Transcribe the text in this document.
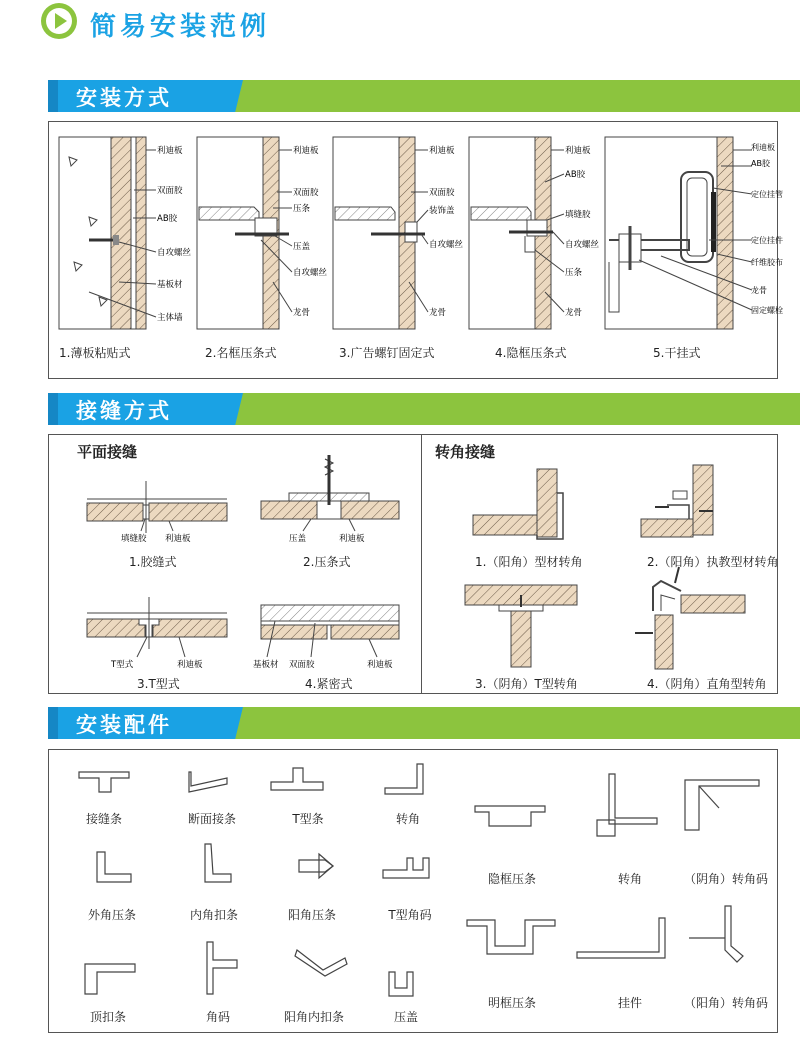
简易安装范例
安装方式
利迪板
双面胶
AB胶
自攻螺丝
基板材
主体墙
利迪板
双面胶
压条
压盖
自攻螺丝
龙骨
利迪板
双面胶
装饰盖
自攻螺丝
龙骨
利迪板
AB胶
填缝胶
自攻螺丝
压条
龙骨
利迪板
AB胶
定位挂管
定位挂件
纤维胶布
龙骨
固定螺栓
1.薄板粘贴式	2.名框压条式	3.广告螺钉固定式	4.隐框压条式	5.干挂式
接缝方式
平面接缝	转角接缝
填缝胶 利迪板	压盖	利迪板
T型式	利迪板	基板材 双面胶	利迪板
1.胶缝式	2.压条式
3.T型式	4.紧密式
1.（阳角）型材转角	2.（阳角）执教型材转角
3.（阴角）T型转角	4.（阴角）直角型转角
安装配件
接缝条	断面接条	T型条	转角
外角压条	内角扣条	阳角压条	T型角码
顶扣条	角码	阳角内扣条	压盖
隐框压条	转角	（阴角）转角码
明框压条	挂件	（阳角）转角码
